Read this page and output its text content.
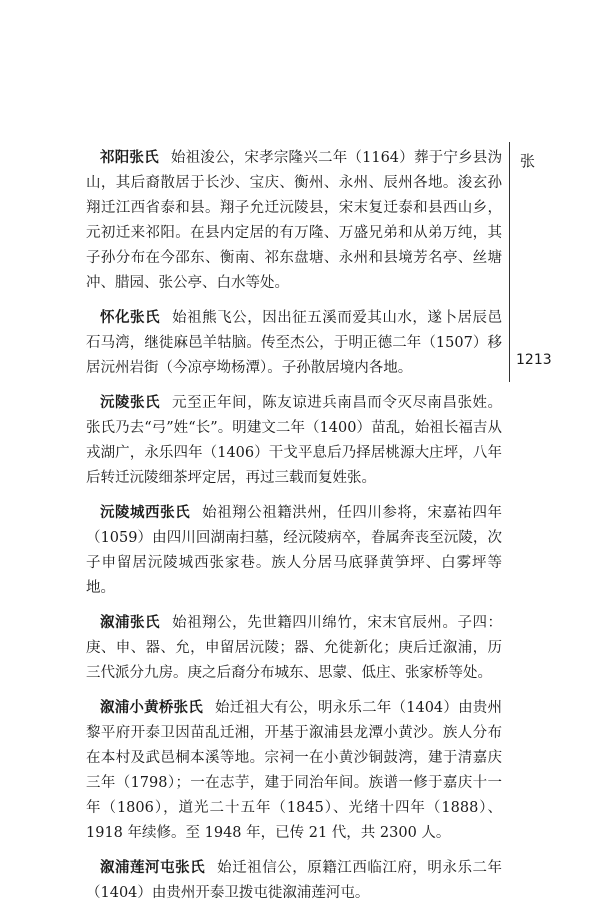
张
1213

祁阳张氏 始祖浚公，宋孝宗隆兴二年（1164）葬于宁乡县沩山，其后裔散居于长沙、宝庆、衡州、永州、辰州各地。浚玄孙翔迁江西省泰和县。翔子允迁沅陵县，宋末复迁泰和县西山乡，元初迁来祁阳。在县内定居的有万隆、万盛兄弟和从弟万纯，其子孙分布在今邵东、衡南、祁东盘塘、永州和县境芳名亭、丝塘冲、腊园、张公亭、白水等处。

怀化张氏 始祖熊飞公，因出征五溪而爱其山水，遂卜居辰邑石马湾，继徙麻邑羊牯脑。传至杰公，于明正德二年（1507）移居沅州岩街（今凉亭坳杨潭）。子孙散居境内各地。

沅陵张氏 元至正年间，陈友谅进兵南昌而令灭尽南昌张姓。张氏乃去“弓”姓“长”。明建文二年（1400）苗乱，始祖长福吉从戎湖广，永乐四年（1406）干戈平息后乃择居桃源大庄坪，八年后转迁沅陵细茶坪定居，再过三载而复姓张。

沅陵城西张氏 始祖翔公祖籍洪州，任四川参将，宋嘉祐四年（1059）由四川回湖南扫墓，经沅陵病卒，眷属奔丧至沅陵，次子申留居沅陵城西张家巷。族人分居马底驿黄笋坪、白雾坪等地。

溆浦张氏 始祖翔公，先世籍四川绵竹，宋末官辰州。子四：庚、申、器、允，申留居沅陵；器、允徙新化；庚后迁溆浦，历三代派分九房。庚之后裔分布城东、思蒙、低庄、张家桥等处。

溆浦小黄桥张氏 始迁祖大有公，明永乐二年（1404）由贵州黎平府开泰卫因苗乱迁湘，开基于溆浦县龙潭小黄沙。族人分布在本村及武邑桐本溪等地。宗祠一在小黄沙铜鼓湾，建于清嘉庆三年（1798）；一在志芋，建于同治年间。族谱一修于嘉庆十一年（1806），道光二十五年（1845）、光绪十四年（1888）、1918 年续修。至 1948 年，已传 21 代，共 2300 人。

溆浦莲河屯张氏 始迁祖信公，原籍江西临江府，明永乐二年（1404）由贵州开泰卫拨屯徙溆浦莲河屯。
